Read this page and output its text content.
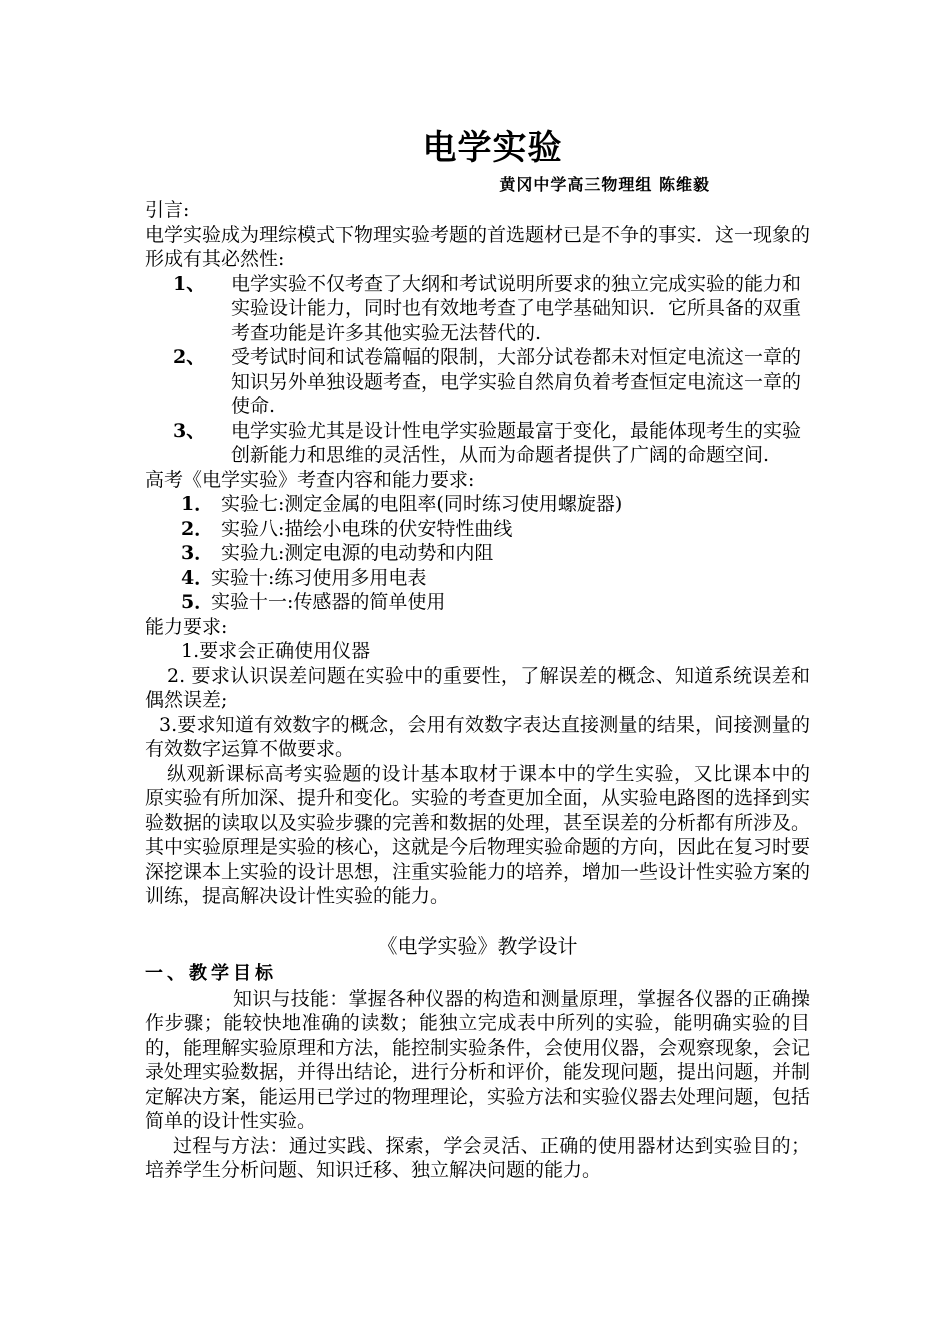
电学实验
黄冈中学高三物理组 陈维毅

引言:

电学实验成为理综模式下物理实验考题的首选题材已是不争的事实．这一现象的形成有其必然性:

1、	电学实验不仅考查了大纲和考试说明所要求的独立完成实验的能力和实验设计能力，同时也有效地考查了电学基础知识．它所具备的双重考查功能是许多其他实验无法替代的.
2、	受考试时间和试卷篇幅的限制，大部分试卷都未对恒定电流这一章的知识另外单独设题考查，电学实验自然肩负着考查恒定电流这一章的使命.
3、	电学实验尤其是设计性电学实验题最富于变化，最能体现考生的实验创新能力和思维的灵活性，从而为命题者提供了广阔的命题空间.

高考《电学实验》考查内容和能力要求:

1． 实验七:测定金属的电阻率(同时练习使用螺旋器)
2． 实验八:描绘小电珠的伏安特性曲线
3． 实验九:测定电源的电动势和内阻
4．
实验十:练习使用多用电表
5．
实验十一:传感器的简单使用

能力要求:

1.要求会正确使用仪器

2. 要求认识误差问题在实验中的重要性，了解误差的概念、知道系统误差和偶然误差;

3.要求知道有效数字的概念，会用有效数字表达直接测量的结果，间接测量的有效数字运算不做要求。

纵观新课标高考实验题的设计基本取材于课本中的学生实验，又比课本中的原实验有所加深、提升和变化。实验的考查更加全面，从实验电路图的选择到实验数据的读取以及实验步骤的完善和数据的处理，甚至误差的分析都有所涉及。其中实验原理是实验的核心，这就是今后物理实验命题的方向，因此在复习时要深挖课本上实验的设计思想，注重实验能力的培养，增加一些设计性实验方案的训练，提高解决设计性实验的能力。

《电学实验》教学设计

一、教学目标

知识与技能：掌握各种仪器的构造和测量原理，掌握各仪器的正确操作步骤；能较快地准确的读数；能独立完成表中所列的实验，能明确实验的目的，能理解实验原理和方法，能控制实验条件，会使用仪器，会观察现象，会记录处理实验数据，并得出结论，进行分析和评价，能发现问题，提出问题，并制定解决方案，能运用已学过的物理理论，实验方法和实验仪器去处理问题，包括简单的设计性实验。

过程与方法：通过实践、探索，学会灵活、正确的使用器材达到实验目的；培养学生分析问题、知识迁移、独立解决问题的能力。
